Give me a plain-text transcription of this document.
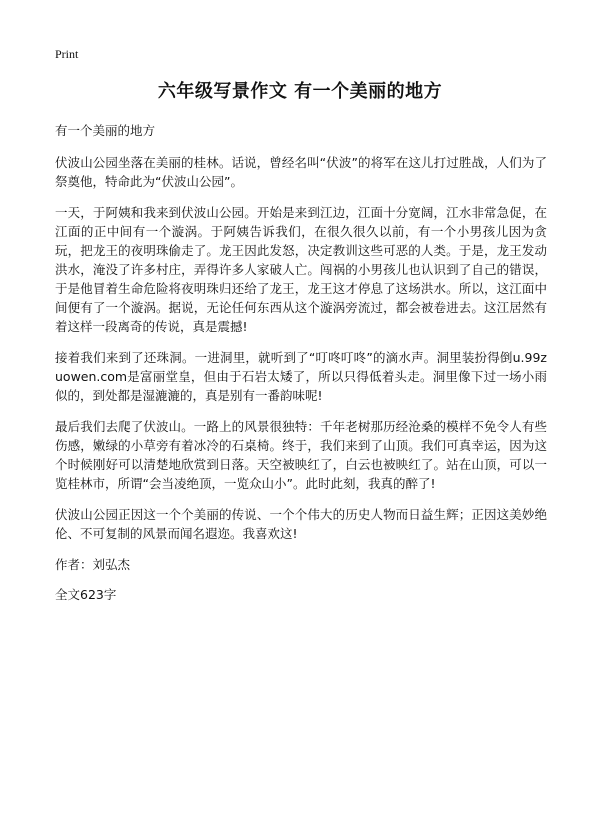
Print
六年级写景作文 有一个美丽的地方

有一个美丽的地方

伏波山公园坐落在美丽的桂林。话说，曾经名叫“伏波”的将军在这儿打过胜战，人们为了祭奠他，特命此为“伏波山公园”。

一天，于阿姨和我来到伏波山公园。开始是来到江边，江面十分宽阔，江水非常急促，在江面的正中间有一个漩涡。于阿姨告诉我们，在很久很久以前，有一个小男孩儿因为贪玩，把龙王的夜明珠偷走了。龙王因此发怒，决定教训这些可恶的人类。于是，龙王发动洪水，淹没了许多村庄，弄得许多人家破人亡。闯祸的小男孩儿也认识到了自己的错误，于是他冒着生命危险将夜明珠归还给了龙王，龙王这才停息了这场洪水。所以，这江面中间便有了一个漩涡。据说，无论任何东西从这个漩涡旁流过，都会被卷进去。这江居然有着这样一段离奇的传说，真是震撼!

接着我们来到了还珠洞。一进洞里，就听到了“叮咚叮咚”的滴水声。洞里装扮得倒u.99zuowen.com是富丽堂皇，但由于石岩太矮了，所以只得低着头走。洞里像下过一场小雨似的，到处都是湿漉漉的，真是别有一番韵味呢!

最后我们去爬了伏波山。一路上的风景很独特：千年老树那历经沧桑的模样不免令人有些伤感，嫩绿的小草旁有着冰冷的石桌椅。终于，我们来到了山顶。我们可真幸运，因为这个时候刚好可以清楚地欣赏到日落。天空被映红了，白云也被映红了。站在山顶，可以一览桂林市，所谓“会当凌绝顶，一览众山小”。此时此刻，我真的醉了!

伏波山公园正因这一个个美丽的传说、一个个伟大的历史人物而日益生辉；正因这美妙绝伦、不可复制的风景而闻名遐迩。我喜欢这!

作者：刘弘杰

全文623字
